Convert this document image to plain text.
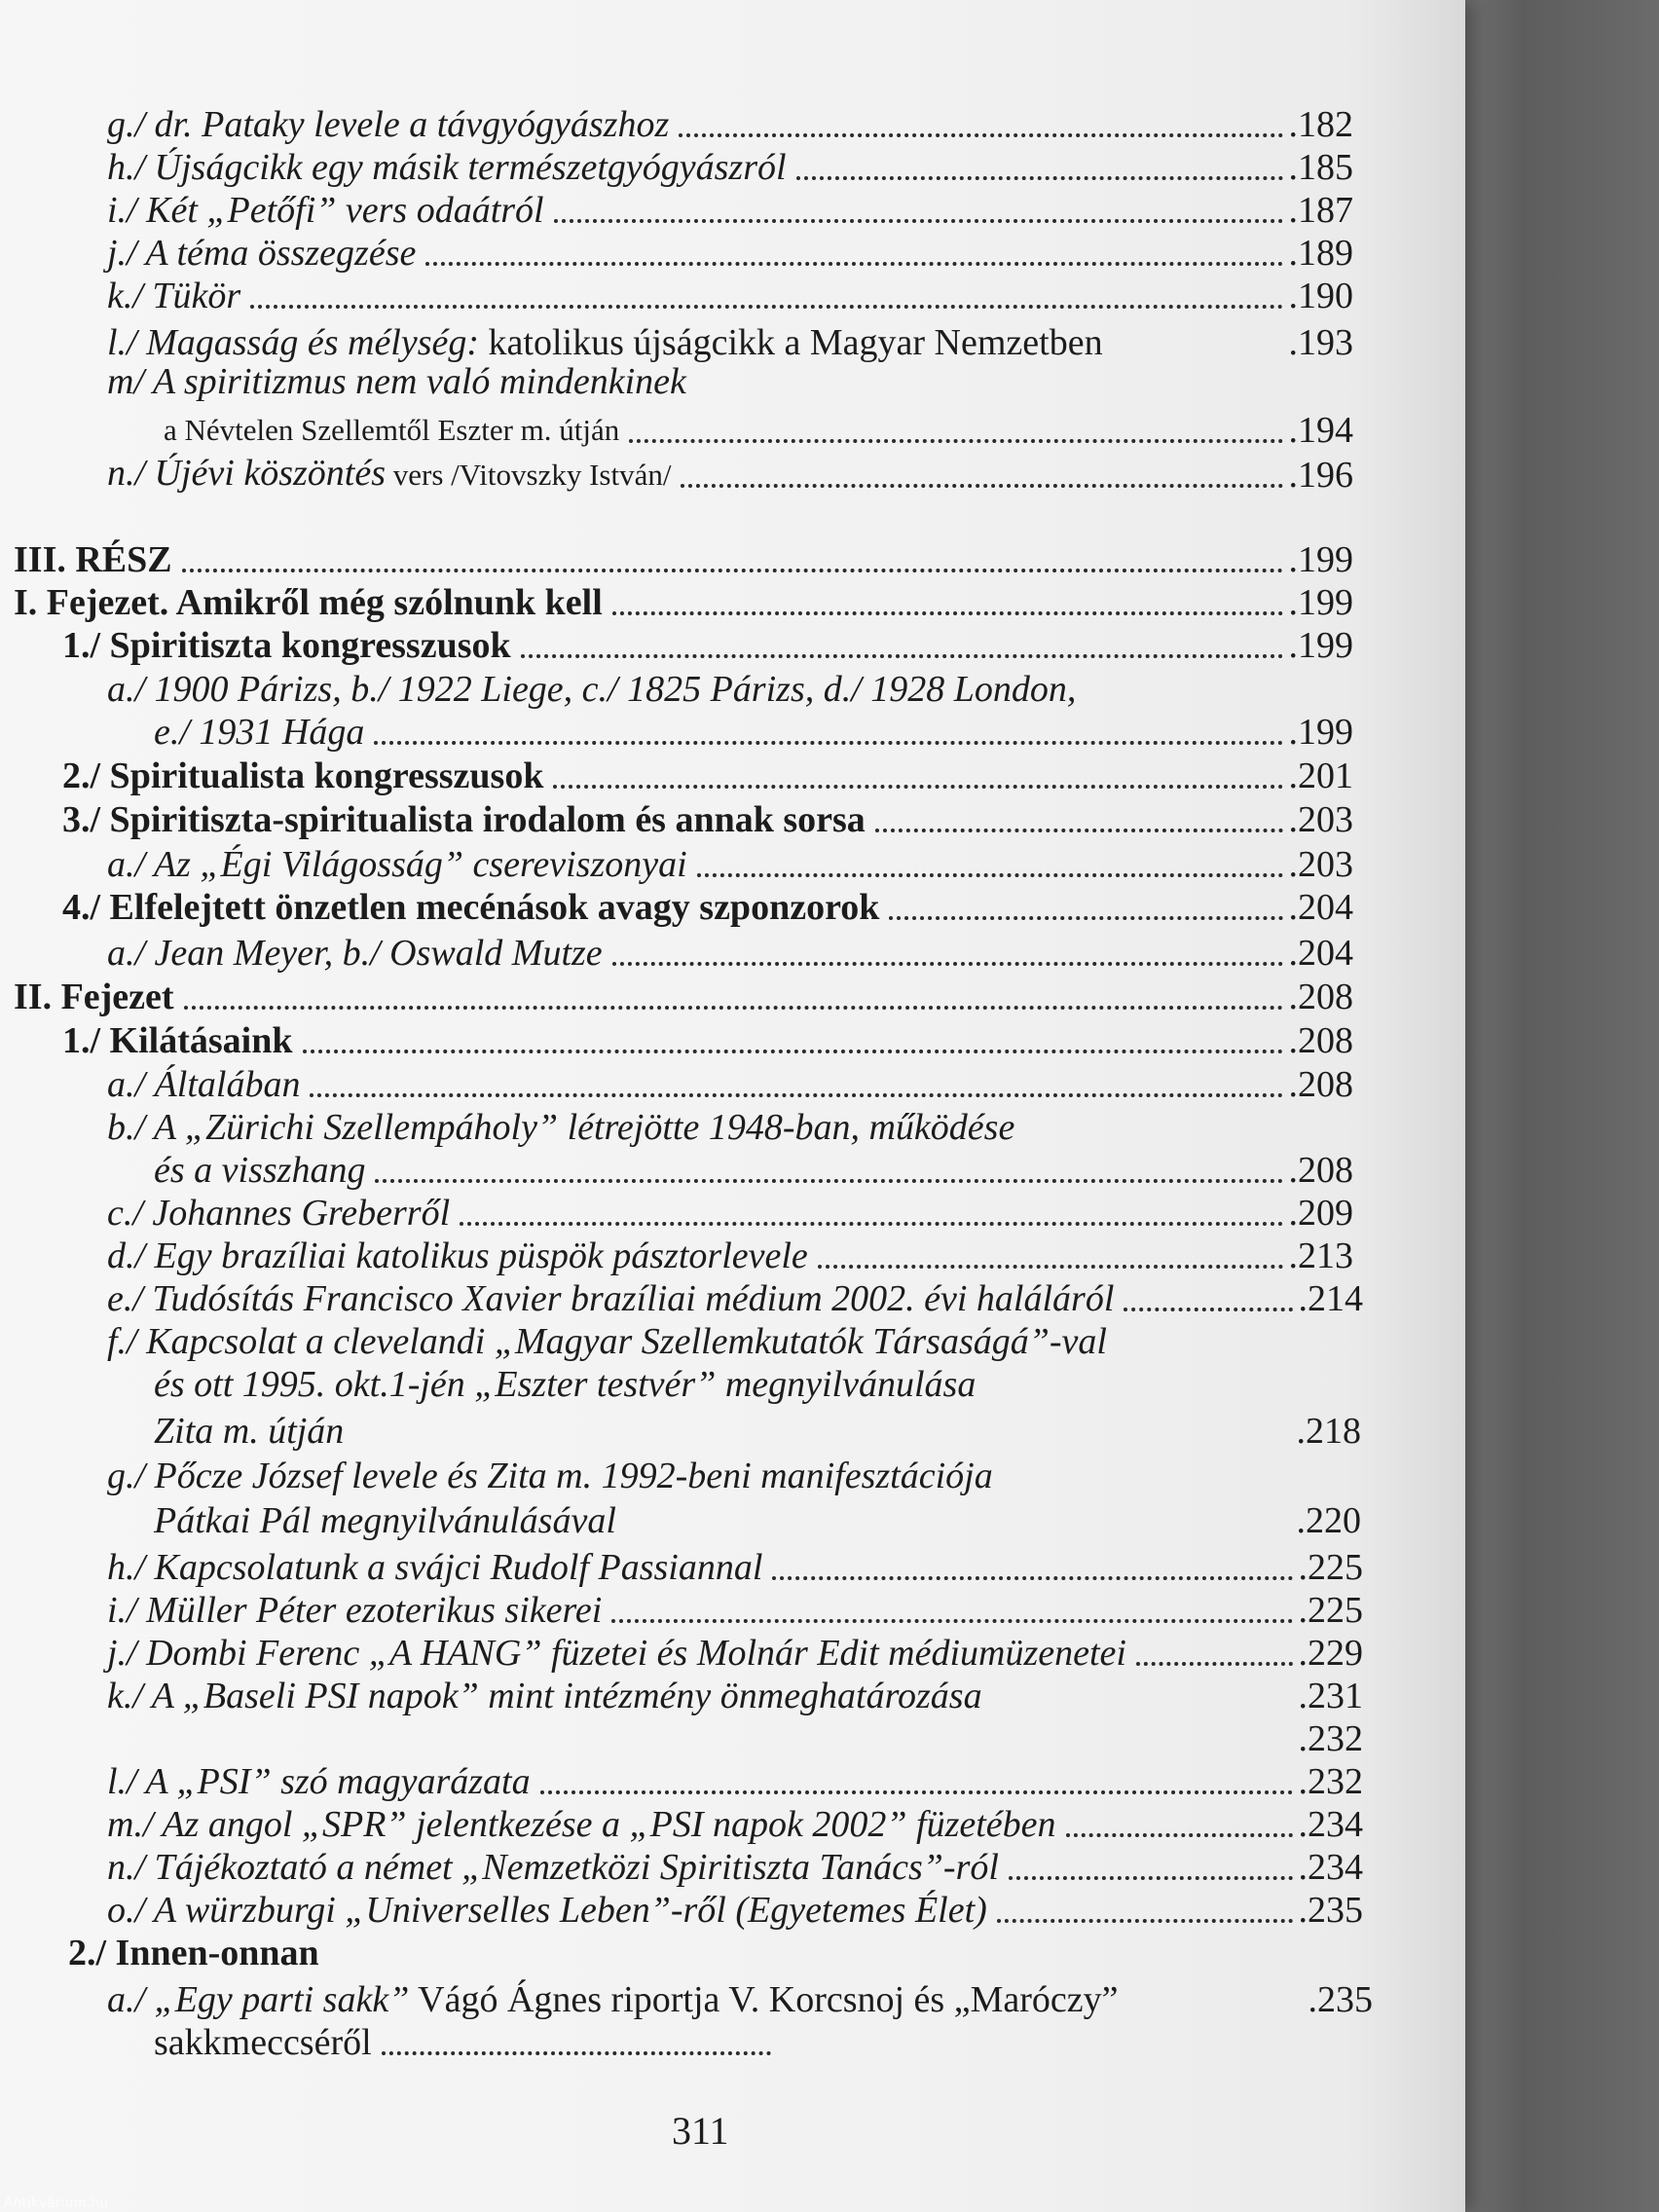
g./ dr. Pataky levele a távgyógyászhoz	.182
h./ Újságcikk egy másik természetgyógyászról	.185
i./ Két „Petőfi” vers odaátról	.187
j./ A téma összegzése	.189
k./ Tükör	.190
l./ Magasság és mélység: katolikus újságcikk a Magyar Nemzetben	.193
m/ A spiritizmus nem való mindenkinek
a Névtelen Szellemtől Eszter m. útján	.194
n./ Újévi köszöntés vers /Vitovszky István/	.196
III. RÉSZ	.199
I. Fejezet. Amikről még szólnunk kell	.199
1./ Spiritiszta kongresszusok	.199
a./ 1900 Párizs, b./ 1922 Liege, c./ 1825 Párizs, d./ 1928 London,
e./ 1931 Hága	.199
2./ Spiritualista kongresszusok	.201
3./ Spiritiszta-spiritualista irodalom és annak sorsa	.203
a./ Az „Égi Világosság” csereviszonyai	.203
4./ Elfelejtett önzetlen mecénások avagy szponzorok	.204
a./ Jean Meyer, b./ Oswald Mutze	.204
II. Fejezet	.208
1./ Kilátásaink	.208
a./ Általában	.208
b./ A „Zürichi Szellempáholy” létrejötte 1948-ban, működése
és a visszhang	.208
c./ Johannes Greberről	.209
d./ Egy brazíliai katolikus püspök pásztorlevele	.213
e./ Tudósítás Francisco Xavier brazíliai médium 2002. évi haláláról	.214
f./ Kapcsolat a clevelandi „Magyar Szellemkutatók Társaságá”-val
és ott 1995. okt.1-jén „Eszter testvér” megnyilvánulása
Zita m. útján	.218
g./ Pőcze József levele és Zita m. 1992-beni manifesztációja
Pátkai Pál megnyilvánulásával	.220
h./ Kapcsolatunk a svájci Rudolf Passiannal	.225
i./ Müller Péter ezoterikus sikerei	.225
j./ Dombi Ferenc „A HANG” füzetei és Molnár Edit médiumüzenetei	.229
k./ A „Baseli PSI napok” mint intézmény önmeghatározása	.231
.232
l./ A „PSI” szó magyarázata	.232
m./ Az angol „SPR” jelentkezése a „PSI napok 2002” füzetében	.234
n./ Tájékoztató a német „Nemzetközi Spiritiszta Tanács”-ról	.234
o./ A würzburgi „Universelles Leben”-ről (Egyetemes Élet)	.235
2./ Innen-onnan
a./ „Egy parti sakk” Vágó Ágnes riportja V. Korcsnoj és „Maróczy”	.235
sakkmeccséről
311
Antikvárium.hu
